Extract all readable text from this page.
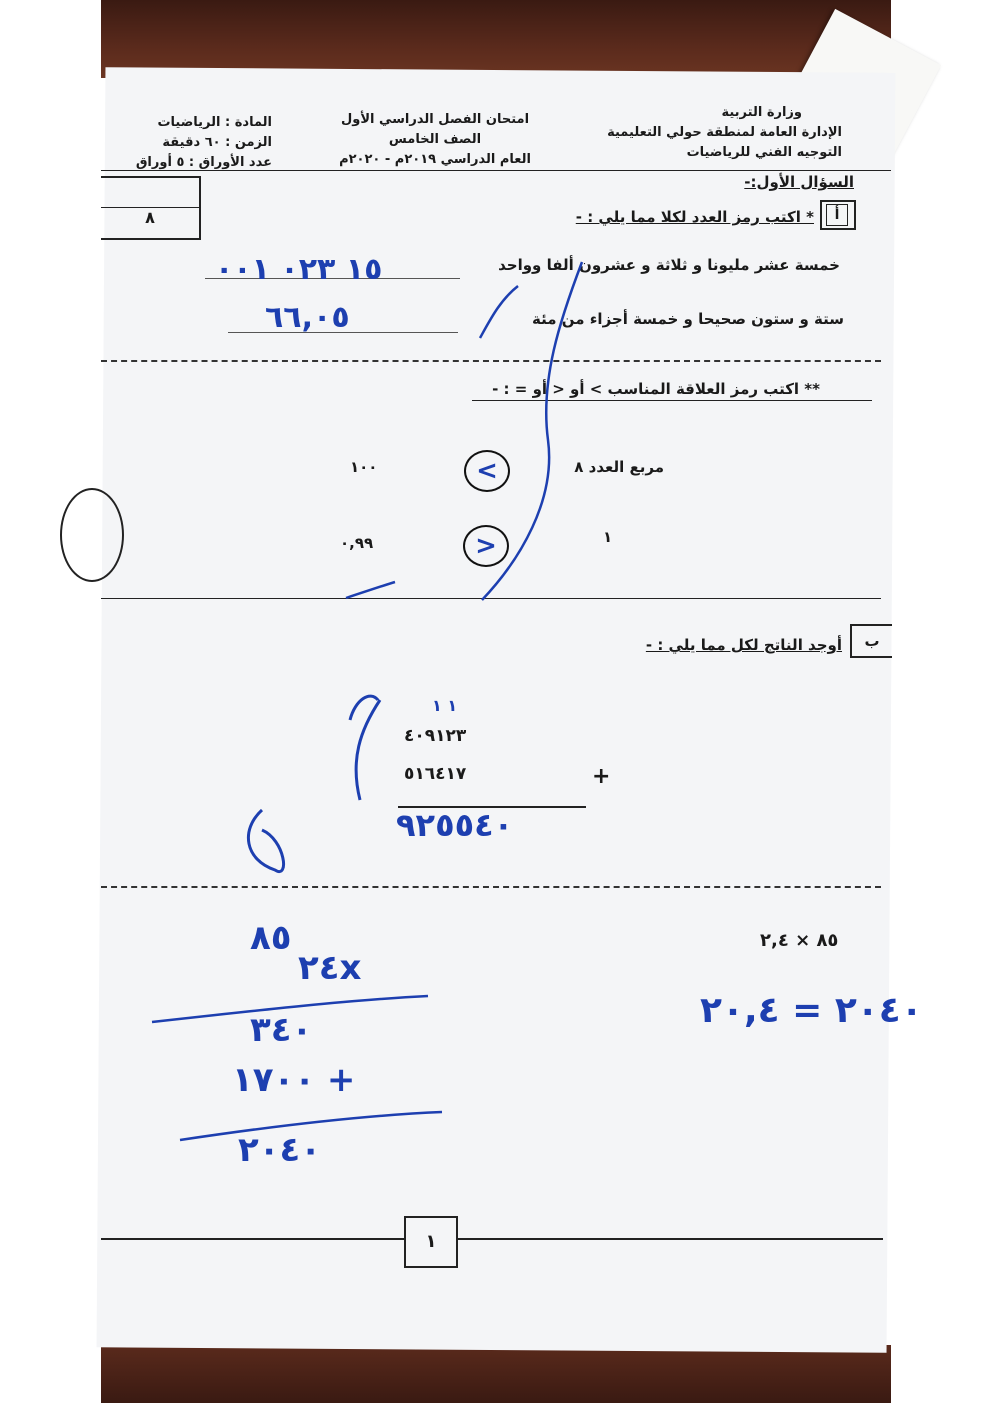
وزارة التربية
الإدارة العامة لمنطقة حولي التعليمية
التوجيه الفني للرياضيات
امتحان الفصل الدراسي الأول
الصف الخامس
العام الدراسي ٢٠١٩م - ٢٠٢٠م
المادة : الرياضيات
الزمن : ٦٠ دقيقة
عدد الأوراق : ٥ أوراق
٨
السؤال الأول:-
أ
* اكتب رمز العدد لكلا مما يلي : -
خمسة عشر مليونا و ثلاثة و عشرون ألفا وواحد
١٥ ٠٢٣ ٠٠١
ستة و ستون صحيحا و خمسة أجزاء من مئة
٦٦,٠٥
** اكتب رمز العلاقة المناسب > أو < أو = : -
مربع العدد ٨
<
١٠٠
١
>
٠,٩٩
ب
أوجد الناتج لكل مما يلي : -
١ ١
٤٠٩١٢٣
٥١٦٤١٧	+
٩٢٥٥٤٠
٨٥ × ٢,٤
٢٠٤٠ = ٢٠,٤
٨٥
٢٤x
٣٤٠
١٧٠٠ +
٢٠٤٠
١
